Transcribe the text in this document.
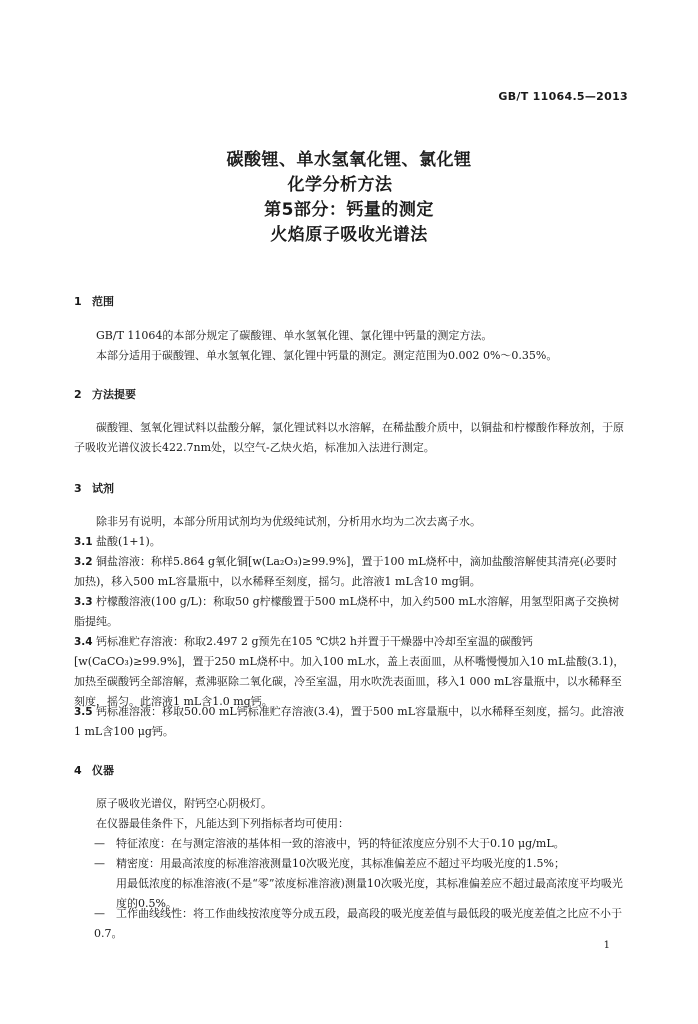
GB/T 11064.5—2013
碳酸锂、单水氢氧化锂、氯化锂
化学分析方法
第5部分：钙量的测定
火焰原子吸收光谱法
1 范围
GB/T 11064的本部分规定了碳酸锂、单水氢氧化锂、氯化锂中钙量的测定方法。
本部分适用于碳酸锂、单水氢氧化锂、氯化锂中钙量的测定。测定范围为0.002 0%～0.35%。
2 方法提要
碳酸锂、氢氧化锂试料以盐酸分解，氯化锂试料以水溶解，在稀盐酸介质中，以铜盐和柠檬酸作释放剂，于原子吸收光谱仪波长422.7nm处，以空气-乙炔火焰，标准加入法进行测定。
3 试剂
除非另有说明，本部分所用试剂均为优级纯试剂，分析用水均为二次去离子水。
3.1 盐酸(1+1)。
3.2 铜盐溶液：称样5.864 g氧化铜[w(La₂O₃)≥99.9%]，置于100 mL烧杯中，滴加盐酸溶解使其清亮(必要时加热)，移入500 mL容量瓶中，以水稀释至刻度，摇匀。此溶液1 mL含10 mg铜。
3.3 柠檬酸溶液(100 g/L)：称取50 g柠檬酸置于500 mL烧杯中，加入约500 mL水溶解，用氢型阳离子交换树脂提纯。
3.4 钙标准贮存溶液：称取2.497 2 g预先在105 ℃烘2 h并置于干燥器中冷却至室温的碳酸钙[w(CaCO₃)≥99.9%]，置于250 mL烧杯中。加入100 mL水，盖上表面皿，从杯嘴慢慢加入10 mL盐酸(3.1)，加热至碳酸钙全部溶解，煮沸驱除二氧化碳，冷至室温，用水吹洗表面皿，移入1 000 mL容量瓶中，以水稀释至刻度，摇匀。此溶液1 mL含1.0 mg钙。
3.5 钙标准溶液：移取50.00 mL钙标准贮存溶液(3.4)，置于500 mL容量瓶中，以水稀释至刻度，摇匀。此溶液1 mL含100 μg钙。
4 仪器
原子吸收光谱仪，附钙空心阴极灯。
在仪器最佳条件下，凡能达到下列指标者均可使用：
— 特征浓度：在与测定溶液的基体相一致的溶液中，钙的特征浓度应分别不大于0.10 μg/mL。
— 精密度：用最高浓度的标准溶液测量10次吸光度，其标准偏差应不超过平均吸光度的1.5%；
用最低浓度的标准溶液(不是“零”浓度标准溶液)测量10次吸光度，其标准偏差应不超过最高浓度平均吸光度的0.5%。
— 工作曲线线性：将工作曲线按浓度等分成五段，最高段的吸光度差值与最低段的吸光度差值之比应不小于0.7。
1
